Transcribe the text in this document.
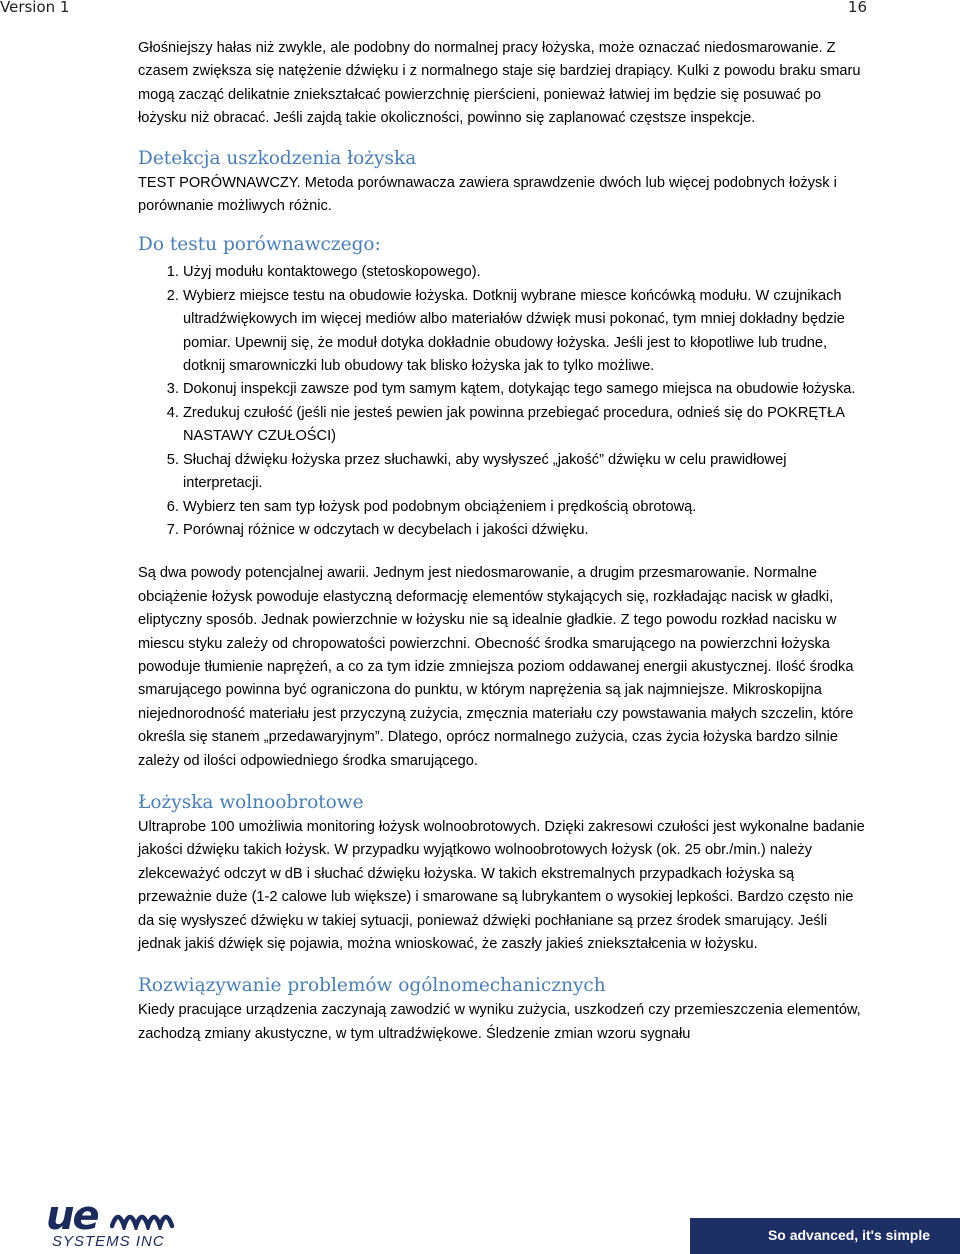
Version 1	16

Głośniejszy hałas niż zwykle, ale podobny do normalnej pracy łożyska, może oznaczać niedosmarowanie. Z czasem zwiększa się natężenie dźwięku i z normalnego staje się bardziej drapiący. Kulki z powodu braku smaru mogą zacząć delikatnie zniekształcać powierzchnię pierścieni, ponieważ łatwiej im będzie się posuwać po łożysku niż obracać. Jeśli zajdą takie okoliczności, powinno się zaplanować częstsze inspekcje.

Detekcja uszkodzenia łożyska

TEST PORÓWNAWCZY. Metoda porównawacza zawiera sprawdzenie dwóch lub więcej podobnych łożysk i porównanie możliwych różnic.

Do testu porównawczego:
1. Użyj modułu kontaktowego (stetoskopowego).
2. Wybierz miejsce testu na obudowie łożyska. Dotknij wybrane miesce końcówką modułu. W czujnikach ultradźwiękowych im więcej mediów albo materiałów dźwięk musi pokonać, tym mniej dokładny będzie pomiar. Upewnij się, że moduł dotyka dokładnie obudowy łożyska. Jeśli jest to kłopotliwe lub trudne, dotknij smarowniczki lub obudowy tak blisko łożyska jak to tylko możliwe.
3. Dokonuj inspekcji zawsze pod tym samym kątem, dotykając tego samego miejsca na obudowie łożyska.
4. Zredukuj czułość (jeśli nie jesteś pewien jak powinna przebiegać procedura, odnieś się do POKRĘTŁA NASTAWY CZUŁOŚCI)
5. Słuchaj dźwięku łożyska przez słuchawki, aby wysłyszeć „jakość” dźwięku w celu prawidłowej interpretacji.
6. Wybierz ten sam typ łożysk pod podobnym obciążeniem i prędkością obrotową.
7. Porównaj różnice w odczytach w decybelach i jakości dźwięku.

Są dwa powody potencjalnej awarii. Jednym jest niedosmarowanie, a drugim przesmarowanie. Normalne obciążenie łożysk powoduje elastyczną deformację elementów stykających się, rozkładając nacisk w gładki, eliptyczny sposób. Jednak powierzchnie w łożysku nie są idealnie gładkie. Z tego powodu rozkład nacisku w miescu styku zależy od chropowatości powierzchni. Obecność środka smarującego na powierzchni łożyska powoduje tłumienie naprężeń, a co za tym idzie zmniejsza poziom oddawanej energii akustycznej. Ilość środka smarującego powinna być ograniczona do punktu, w którym naprężenia są jak najmniejsze. Mikroskopijna niejednorodność materiału jest przyczyną zużycia, zmęcznia materiału czy powstawania małych szczelin, które określa się stanem „przedawaryjnym”. Dlatego, oprócz normalnego zużycia, czas życia łożyska bardzo silnie zależy od ilości odpowiedniego środka smarującego.

Łożyska wolnoobrotowe

Ultraprobe 100 umożliwia monitoring łożysk wolnoobrotowych. Dzięki zakresowi czułości jest wykonalne badanie jakości dźwięku takich łożysk. W przypadku wyjątkowo wolnoobrotowych łożysk (ok. 25 obr./min.) należy zlekceważyć odczyt w dB i słuchać dźwięku łożyska. W takich ekstremalnych przypadkach łożyska są przeważnie duże (1-2 calowe lub większe) i smarowane są lubrykantem o wysokiej lepkości. Bardzo często nie da się wysłyszeć dźwięku w takiej sytuacji, ponieważ dźwięki pochłaniane są przez środek smarujący. Jeśli jednak jakiś dźwięk się pojawia, można wnioskować, że zaszły jakieś zniekształcenia w łożysku.

Rozwiązywanie problemów ogólnomechanicznych

Kiedy pracujące urządzenia zaczynają zawodzić w wyniku zużycia, uszkodzeń czy przemieszczenia elementów, zachodzą zmiany akustyczne, w tym ultradźwiękowe. Śledzenie zmian wzoru sygnału

ue
SYSTEMS INC	So advanced, it's simple
